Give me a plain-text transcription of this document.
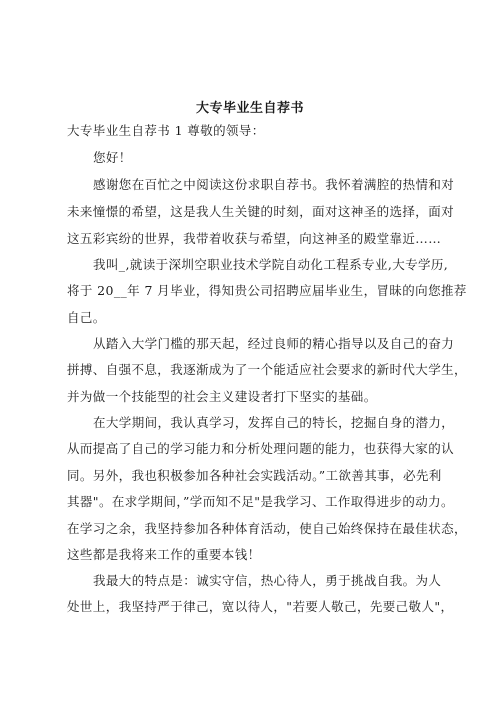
大专毕业生自荐书
大专毕业生自荐书 1 尊敬的领导：
您好！
感谢您在百忙之中阅读这份求职自荐书。我怀着满腔的热情和对
未来憧憬的希望，这是我人生关键的时刻，面对这神圣的选择，面对
这五彩宾纷的世界，我带着收获与希望，向这神圣的殿堂靠近……
我叫_,就读于深圳空职业技术学院自动化工程系专业,大专学历,
将于 20__年 7 月毕业，得知贵公司招聘应届毕业生，冒昧的向您推荐
自己。
从踏入大学门槛的那天起，经过良师的精心指导以及自己的奋力
拼搏、自强不息，我逐渐成为了一个能适应社会要求的新时代大学生，
并为做一个技能型的社会主义建设者打下坚实的基础。
在大学期间，我认真学习，发挥自己的特长，挖掘自身的潜力，
从而提高了自己的学习能力和分析处理问题的能力，也获得大家的认
同。另外，我也积极参加各种社会实践活动。”工欲善其事，必先利
其器"。在求学期间，”学而知不足"是我学习、工作取得进步的动力。
在学习之余，我坚持参加各种体育活动，使自己始终保持在最佳状态，
这些都是我将来工作的重要本钱！
我最大的特点是：诚实守信，热心待人，勇于挑战自我。为人
处世上，我坚持严于律己，宽以待人，"若要人敬己，先要己敬人"，
